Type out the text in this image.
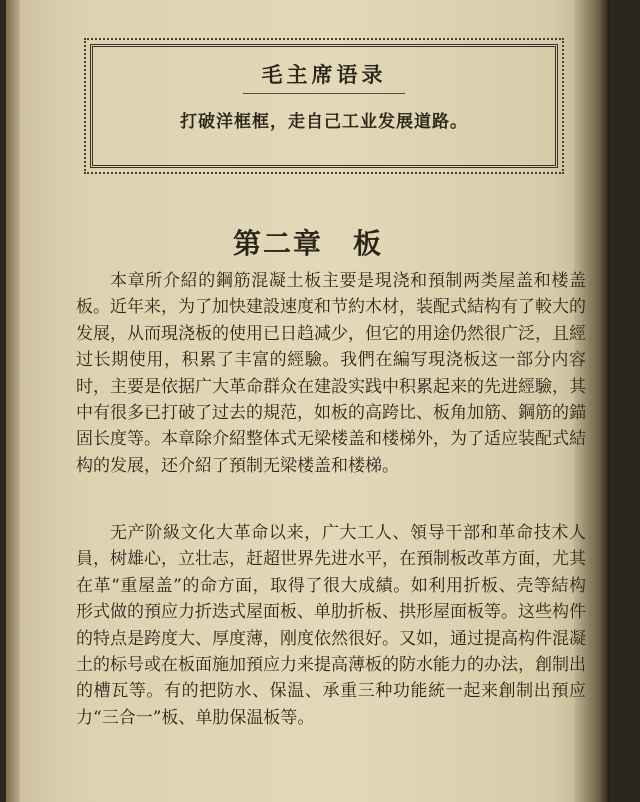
毛主席语录
打破洋框框，走自己工业发展道路。
第二章　板

本章所介紹的鋼筋混凝土板主要是現浇和預制两类屋盖和楼盖板。近年来，为了加快建設速度和节約木材，装配式結构有了較大的发展，从而現浇板的使用已日趋减少，但它的用途仍然很广泛，且經过长期使用，积累了丰富的經驗。我們在編写現浇板这一部分内容时，主要是依据广大革命群众在建設实践中积累起来的先进經驗，其中有很多已打破了过去的規范，如板的高跨比、板角加筋、鋼筋的錨固长度等。本章除介紹整体式无梁楼盖和楼梯外，为了适应装配式結构的发展，还介紹了預制无梁楼盖和楼梯。

无产阶級文化大革命以来，广大工人、領导干部和革命技术人員，树雄心，立壮志，赶超世界先进水平，在預制板改革方面，尤其在革“重屋盖”的命方面，取得了很大成績。如利用折板、壳等結构形式做的預应力折迭式屋面板、单肋折板、拱形屋面板等。这些构件的特点是跨度大、厚度薄，刚度依然很好。又如，通过提高构件混凝土的标号或在板面施加預应力来提高薄板的防水能力的办法，創制出的槽瓦等。有的把防水、保温、承重三种功能統一起来創制出預应力“三合一”板、单肋保温板等。
